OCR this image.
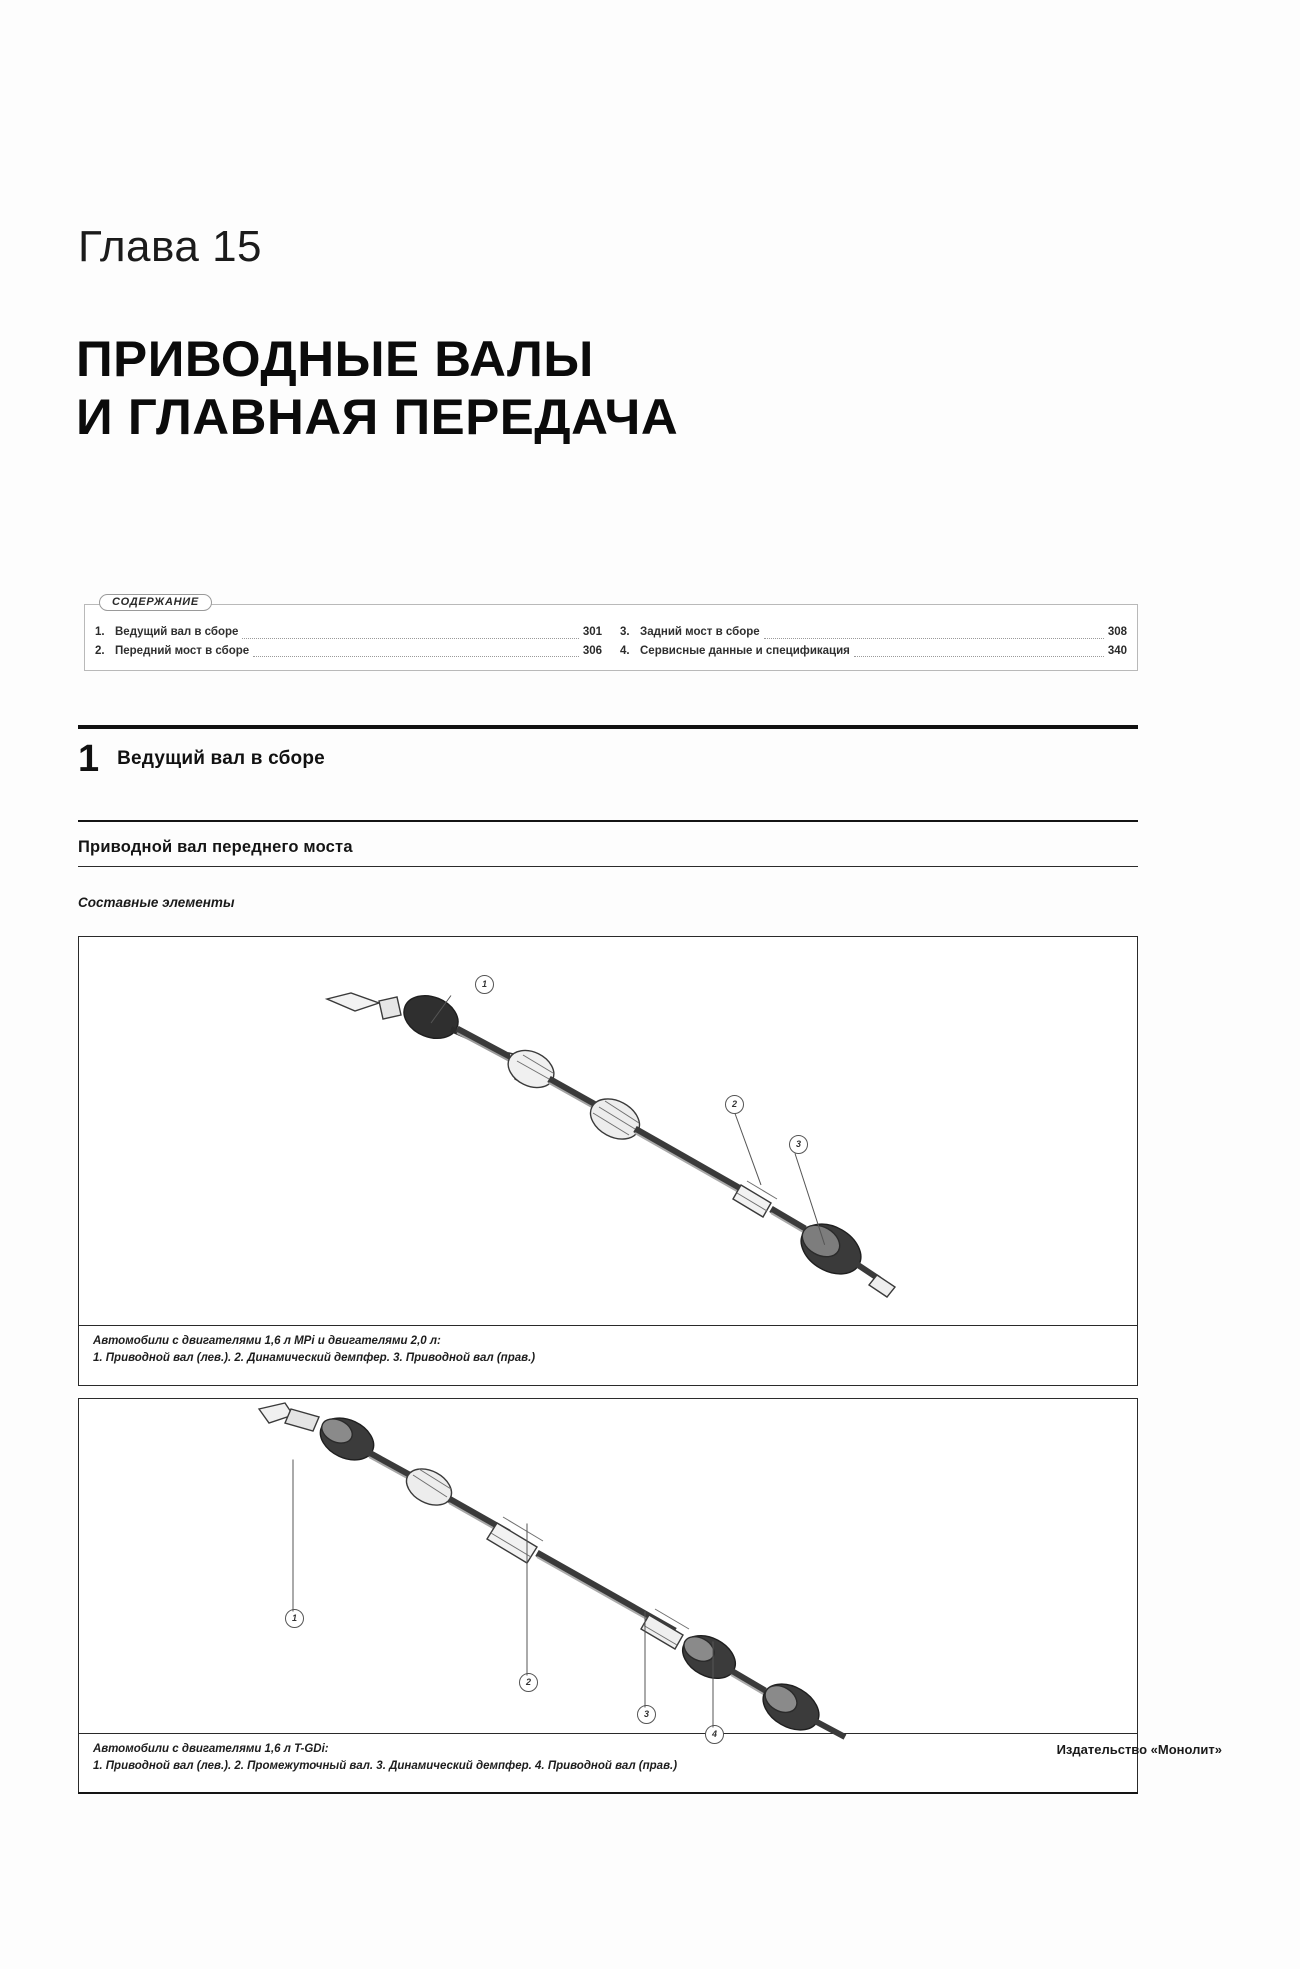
Глава 15
ПРИВОДНЫЕ ВАЛЫ
И ГЛАВНАЯ ПЕРЕДАЧА
СОДЕРЖАНИЕ
1. Ведущий вал в сборе	301
2. Передний мост в сборе	306
3. Задний мост в сборе	308
4. Сервисные данные и спецификация	340
1 Ведущий вал в сборе
Приводной вал переднего моста
Составные элементы
1
2
3
Автомобили с двигателями 1,6 л MPi и двигателями 2,0 л:
1. Приводной вал (лев.). 2. Динамический демпфер. 3. Приводной вал (прав.)
1
2
3
4
Автомобили с двигателями 1,6 л T-GDi:
1. Приводной вал (лев.). 2. Промежуточный вал. 3. Динамический демпфер. 4. Приводной вал (прав.)
Издательство «Монолит»
